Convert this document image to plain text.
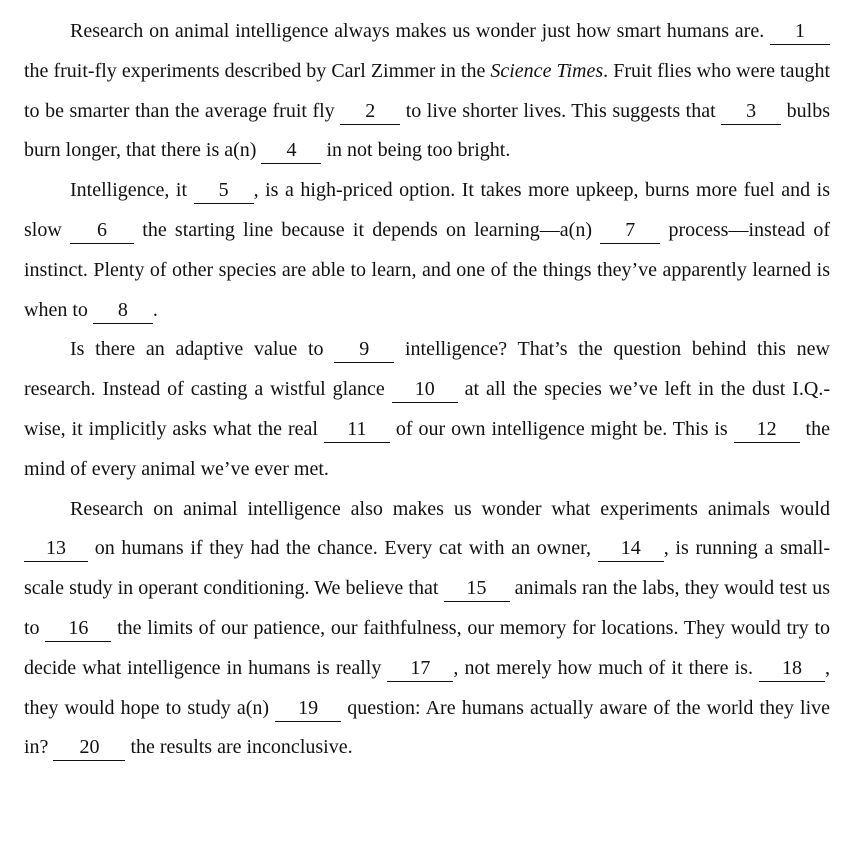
Research on animal intelligence always makes us wonder just how smart humans are. 1 the fruit-fly experiments described by Carl Zimmer in the Science Times. Fruit flies who were taught to be smarter than the average fruit fly 2 to live shorter lives. This suggests that 3 bulbs burn longer, that there is a(n) 4 in not being too bright.

Intelligence, it 5 , is a high-priced option. It takes more upkeep, burns more fuel and is slow 6 the starting line because it depends on learning—a(n) 7 process—instead of instinct. Plenty of other species are able to learn, and one of the things they’ve apparently learned is when to 8 .

Is there an adaptive value to 9 intelligence? That’s the question behind this new research. Instead of casting a wistful glance 10 at all the species we’ve left in the dust I.Q.-wise, it implicitly asks what the real 11 of our own intelligence might be. This is 12 the mind of every animal we’ve ever met.

Research on animal intelligence also makes us wonder what experiments animals would 13 on humans if they had the chance. Every cat with an owner, 14 , is running a small-scale study in operant conditioning. We believe that 15 animals ran the labs, they would test us to 16 the limits of our patience, our faithfulness, our memory for locations. They would try to decide what intelligence in humans is really 17 , not merely how much of it there is. 18 , they would hope to study a(n) 19 question: Are humans actually aware of the world they live in? 20 the results are inconclusive.
